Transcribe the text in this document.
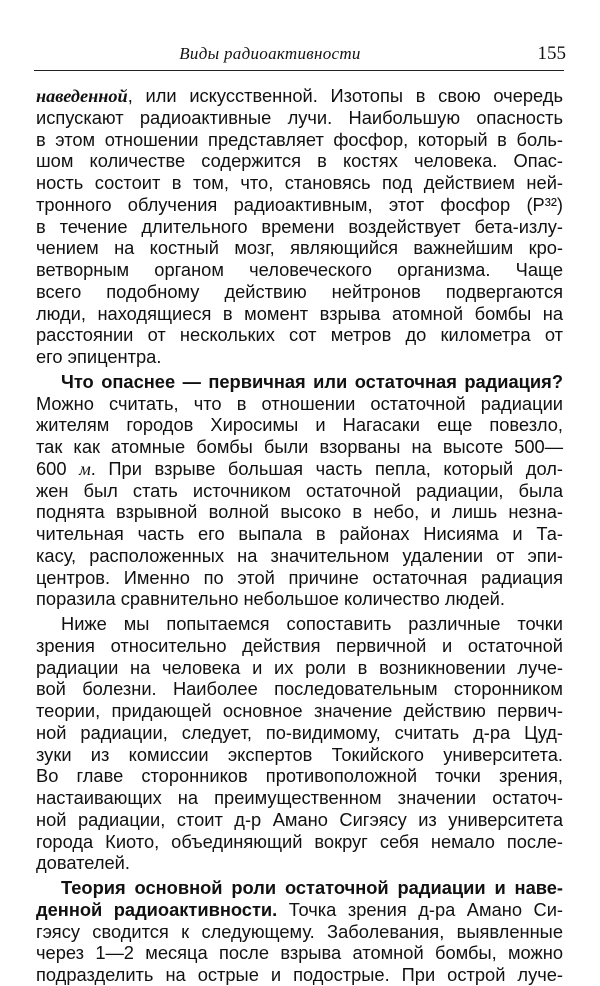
Виды радиоактивности	155
наведенной, или искусственной. Изотопы в свою очередь
испускают радиоактивные лучи. Наибольшую опасность
в этом отношении представляет фосфор, который в боль-
шом количестве содержится в костях человека. Опас-
ность состоит в том, что, становясь под действием ней-
тронного облучения радиоактивным, этот фосфор (P³²)
в течение длительного времени воздействует бета-излу-
чением на костный мозг, являющийся важнейшим кро-
ветворным органом человеческого организма. Чаще
всего подобному действию нейтронов подвергаются
люди, находящиеся в момент взрыва атомной бомбы на
расстоянии от нескольких сот метров до километра от
его эпицентра.
Что опаснее — первичная или остаточная радиация?
Можно считать, что в отношении остаточной радиации
жителям городов Хиросимы и Нагасаки еще повезло,
так как атомные бомбы были взорваны на высоте 500—
600 м. При взрыве большая часть пепла, который дол-
жен был стать источником остаточной радиации, была
поднята взрывной волной высоко в небо, и лишь незна-
чительная часть его выпала в районах Нисияма и Та-
касу, расположенных на значительном удалении от эпи-
центров. Именно по этой причине остаточная радиация
поразила сравнительно небольшое количество людей.
Ниже мы попытаемся сопоставить различные точки
зрения относительно действия первичной и остаточной
радиации на человека и их роли в возникновении луче-
вой болезни. Наиболее последовательным сторонником
теории, придающей основное значение действию первич-
ной радиации, следует, по-видимому, считать д-ра Цуд-
зуки из комиссии экспертов Токийского университета.
Во главе сторонников противоположной точки зрения,
настаивающих на преимущественном значении остаточ-
ной радиации, стоит д-р Амано Сигэясу из университета
города Киото, объединяющий вокруг себя немало после-
дователей.
Теория основной роли остаточной радиации и наве-
денной радиоактивности. Точка зрения д-ра Амано Си-
гэясу сводится к следующему. Заболевания, выявленные
через 1—2 месяца после взрыва атомной бомбы, можно
подразделить на острые и подострые. При острой луче-
